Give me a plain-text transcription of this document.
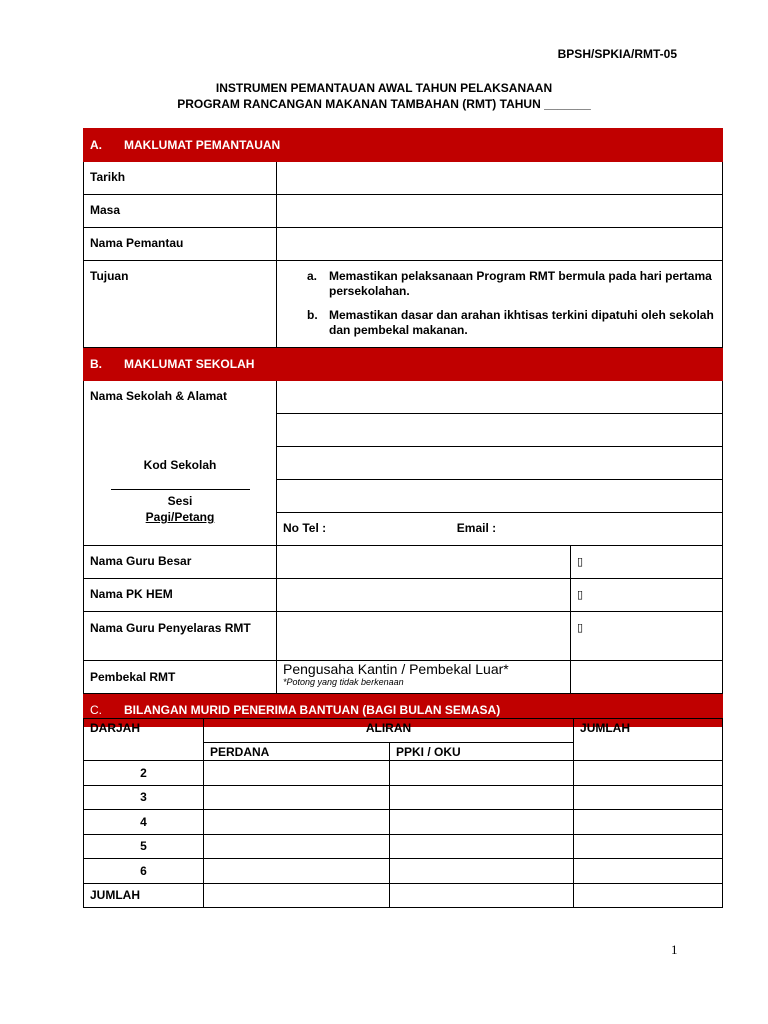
BPSH/SPKIA/RMT-05
INSTRUMEN PEMANTAUAN AWAL TAHUN PELAKSANAAN
PROGRAM RANCANGAN MAKANAN TAMBAHAN (RMT) TAHUN _______
A. MAKLUMAT PEMANTAUAN		
Tarikh		
Masa		
Nama Pemantau		
Tujuan	a. Memastikan pelaksanaan Program RMT bermula pada hari pertama persekolahan.
b. Memastikan dasar dan arahan ikhtisas terkini dipatuhi oleh sekolah dan pembekal makanan.	

B. MAKLUMAT SEKOLAH		

Nama Sekolah & Alamat
Kod Sekolah
Sesi
Pagi/Petang		

	No Tel : Email :	
Nama Guru Besar		▯
Nama PK HEM		▯
Nama Guru Penyelaras RMT		▯
Pembekal RMT	Pengusaha Kantin / Pembekal Luar*
*Potong yang tidak berkenaan	

C. BILANGAN MURID PENERIMA BANTUAN (BAGI BULAN SEMASA)		
DARJAH	ALIRAN		JUMLAH
	PERDANA	PPKI / OKU	
2			
3			
4			
5			
6			
JUMLAH			
1
